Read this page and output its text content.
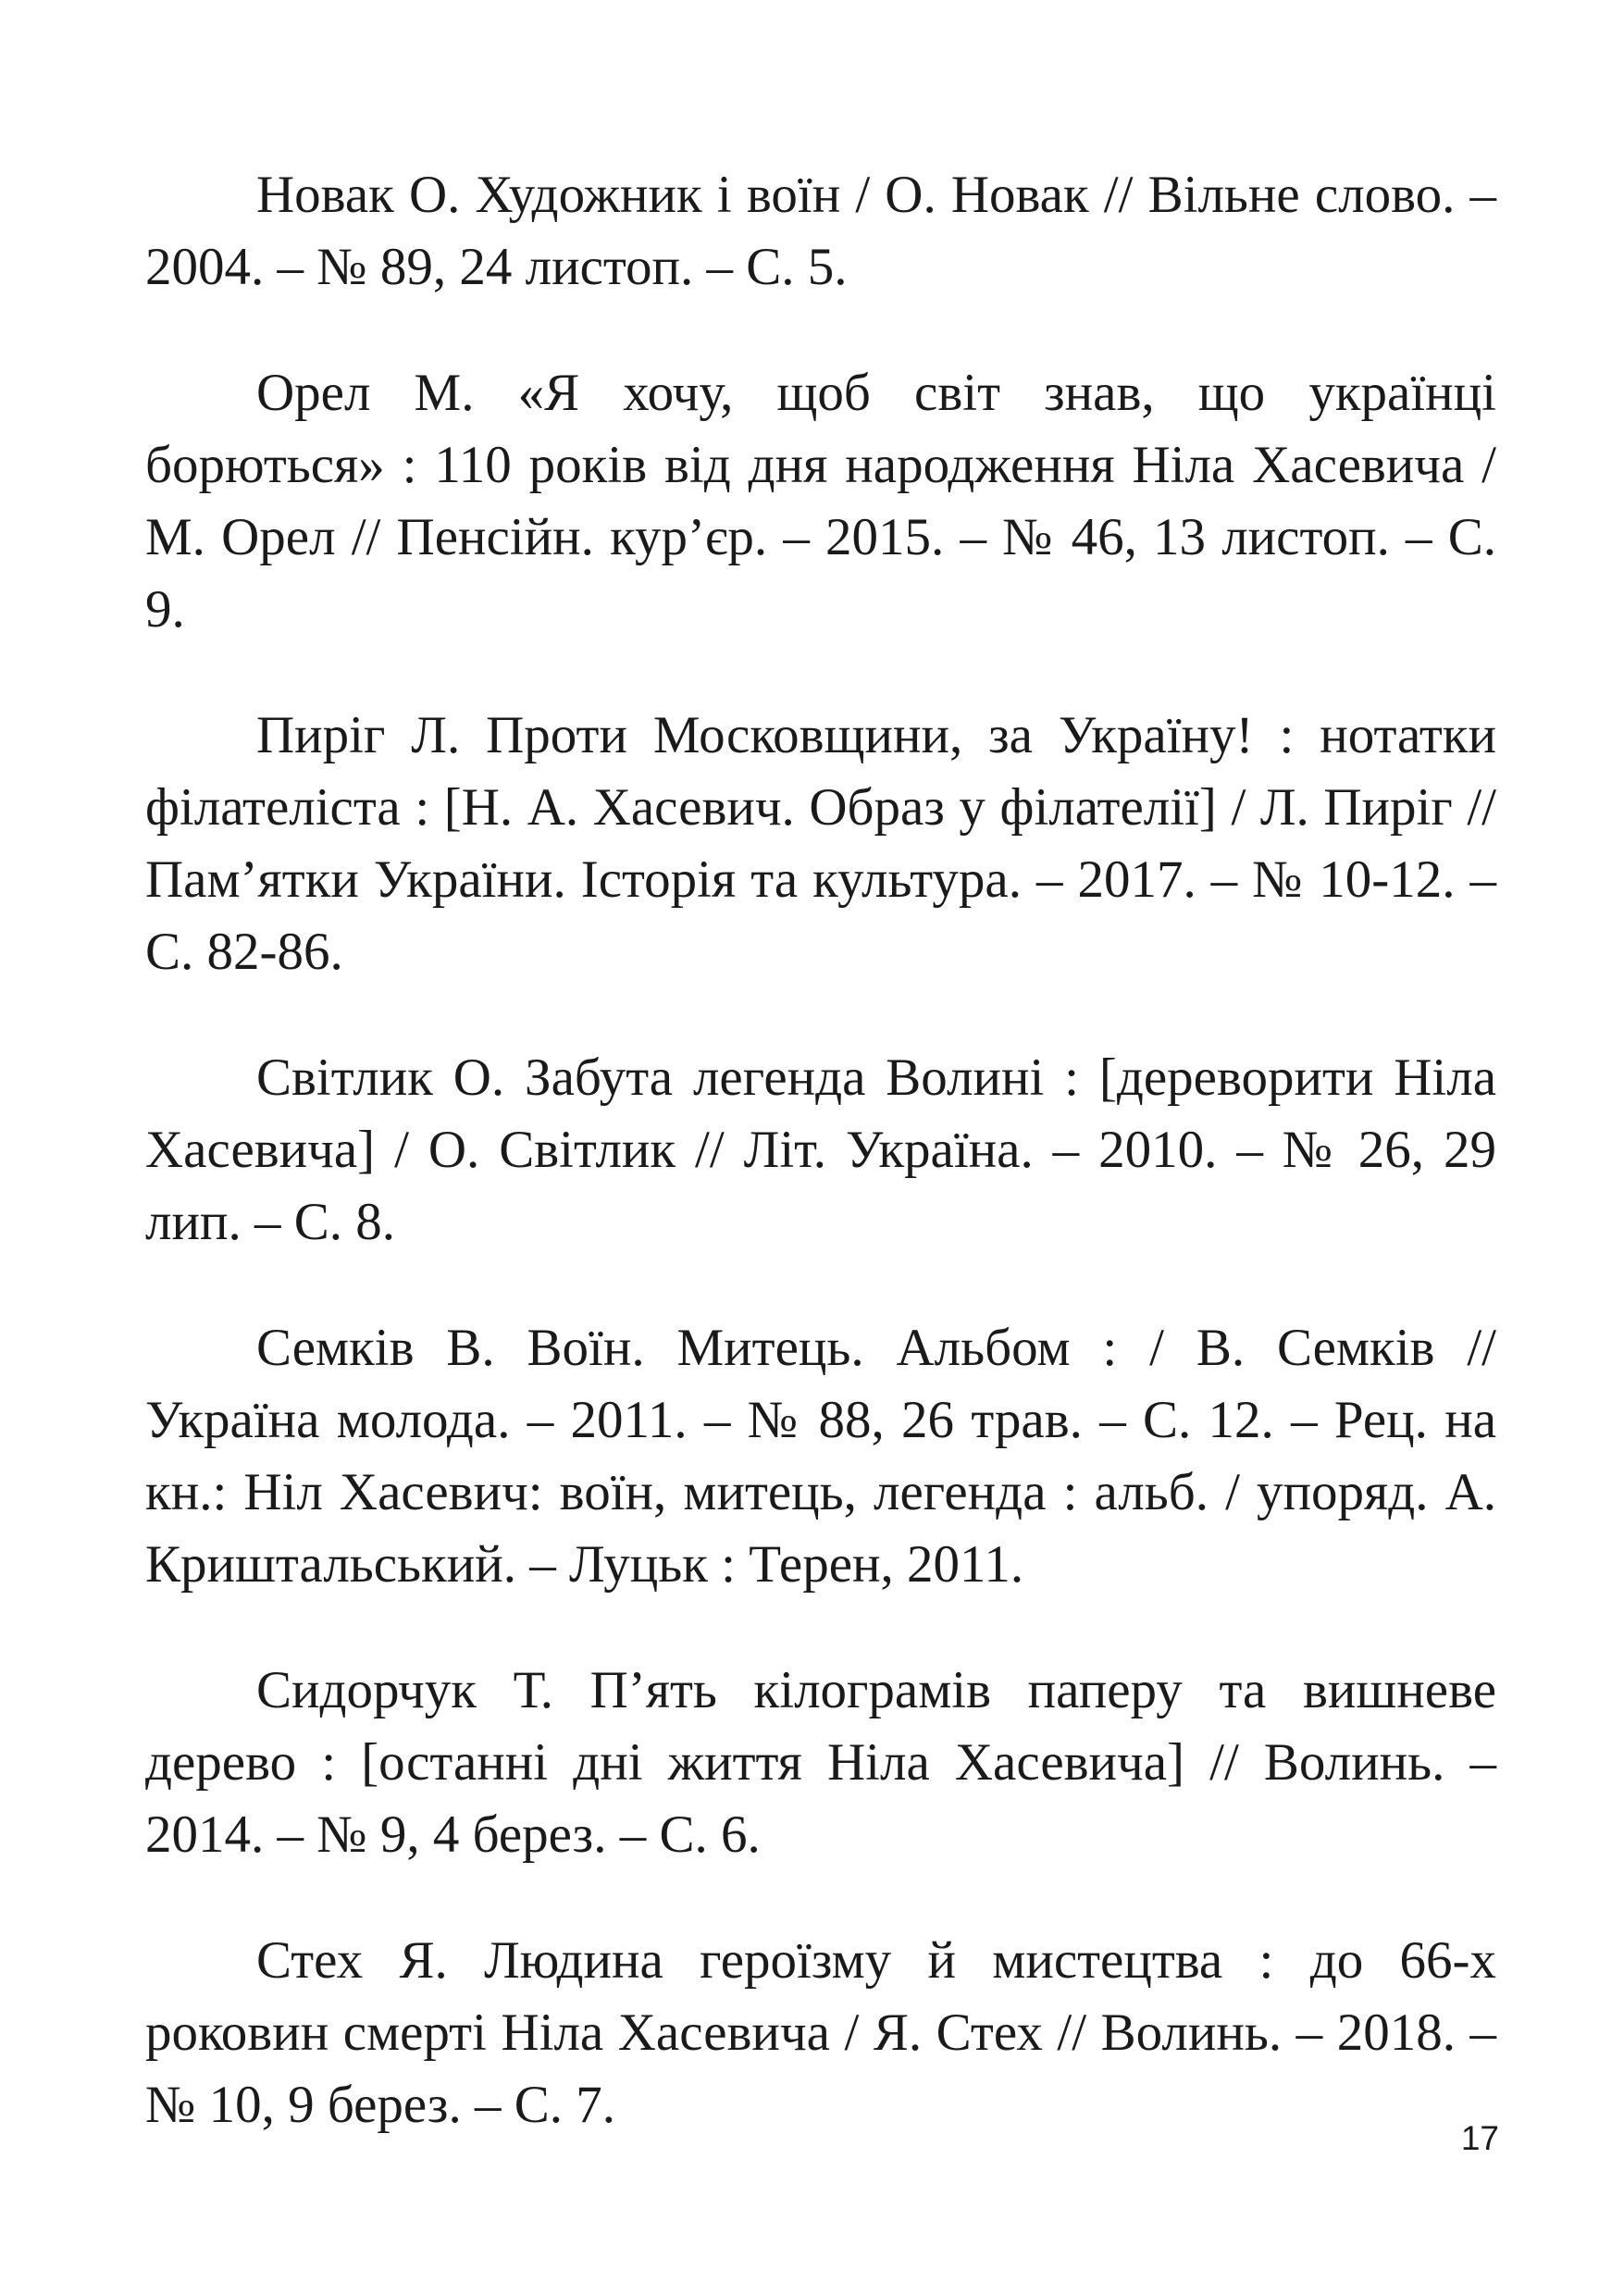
Новак О. Художник і воїн / О. Новак // Вільне слово. – 2004. – № 89, 24 листоп. – С. 5.

Орел М. «Я хочу, щоб світ знав, що українці борються» : 110 років від дня народження Ніла Хасевича / М. Орел // Пенсійн. кур’єр. – 2015. – № 46, 13 листоп. – С. 9.

Пиріг Л. Проти Московщини, за Україну! : нотатки філателіста : [Н. А. Хасевич. Образ у філателії] / Л. Пиріг // Пам’ятки України. Історія та культура. – 2017. – № 10-12. – С. 82-86.

Світлик О. Забута легенда Волині : [дереворити Ніла Хасевича] / О. Світлик // Літ. Україна. – 2010. – № 26, 29 лип. – С. 8.

Семків В. Воїн. Митець. Альбом : / В. Семків // Україна молода. – 2011. – № 88, 26 трав. – С. 12. – Рец. на кн.: Ніл Хасевич: воїн, митець, легенда : альб. / упоряд. А. Криштальський. – Луцьк : Терен, 2011.

Сидорчук Т. П’ять кілограмів паперу та вишневе дерево : [останні дні життя Ніла Хасевича] // Волинь. – 2014. – № 9, 4 берез. – С. 6.

Стех Я. Людина героїзму й мистецтва : до 66-х роковин смерті Ніла Хасевича / Я. Стех // Волинь. – 2018. – № 10, 9 берез. – С. 7.

17
